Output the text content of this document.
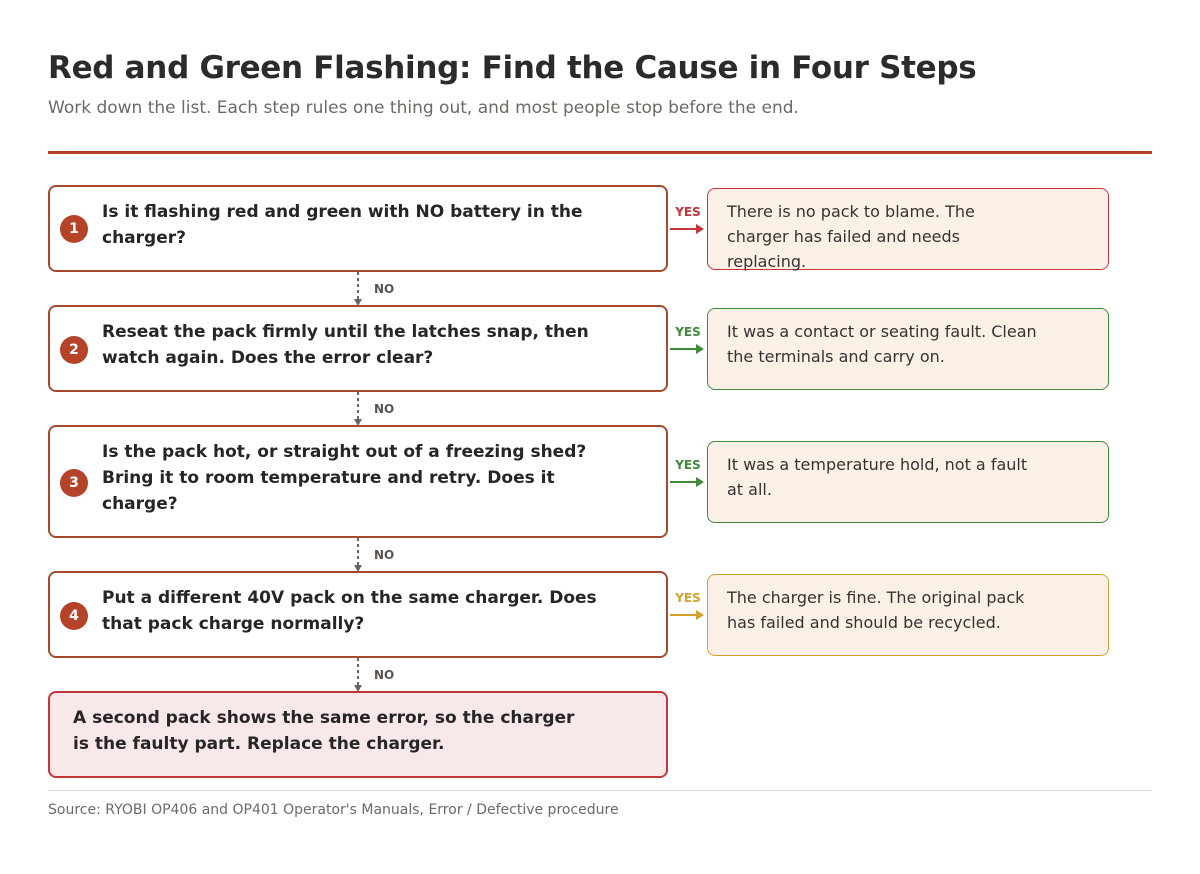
Red and Green Flashing: Find the Cause in Four Steps
Work down the list. Each step rules one thing out, and most people stop before the end.
1
Is it flashing red and green with NO battery in the charger?
YES There is no pack to blame. The charger has failed and needs replacing.
NO
2
Reseat the pack firmly until the latches snap, then watch again. Does the error clear?
YES It was a contact or seating fault. Clean the terminals and carry on.
NO
3
Is the pack hot, or straight out of a freezing shed? Bring it to room temperature and retry. Does it charge?
YES It was a temperature hold, not a fault at all.
NO
4
Put a different 40V pack on the same charger. Does that pack charge normally?
YES The charger is fine. The original pack has failed and should be recycled.
NO
A second pack shows the same error, so the charger is the faulty part. Replace the charger.
Source: RYOBI OP406 and OP401 Operator's Manuals, Error / Defective procedure
